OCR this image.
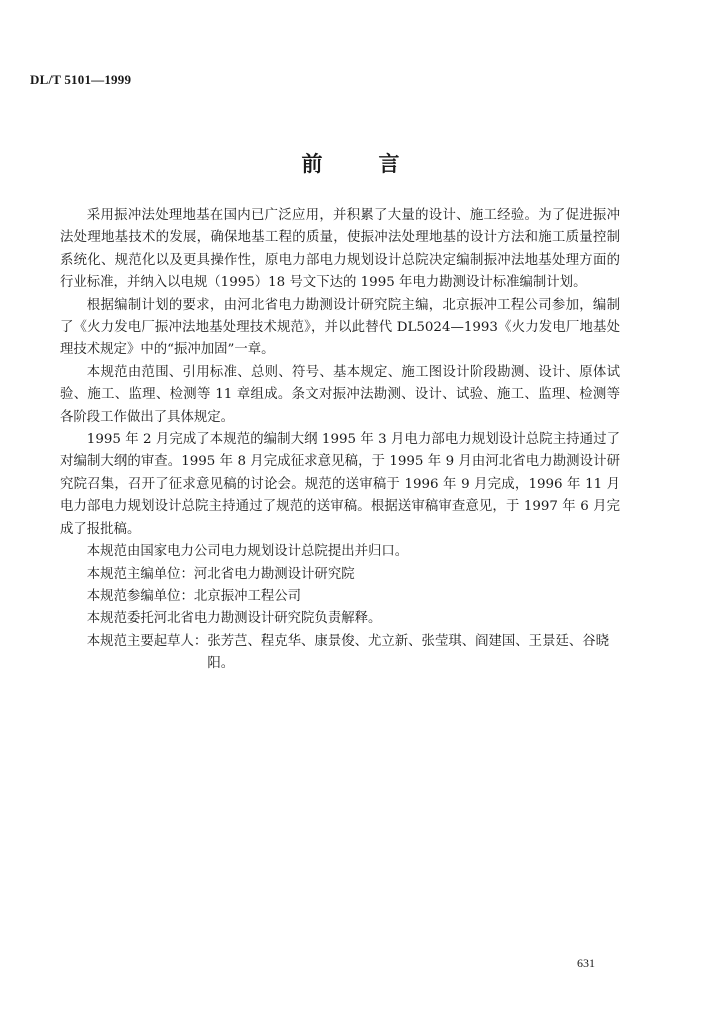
DL/T 5101—1999
前言

采用振冲法处理地基在国内已广泛应用，并积累了大量的设计、施工经验。为了促进振冲法处理地基技术的发展，确保地基工程的质量，使振冲法处理地基的设计方法和施工质量控制系统化、规范化以及更具操作性，原电力部电力规划设计总院决定编制振冲法地基处理方面的行业标准，并纳入以电规（1995）18 号文下达的 1995 年电力勘测设计标准编制计划。

根据编制计划的要求，由河北省电力勘测设计研究院主编，北京振冲工程公司参加，编制了《火力发电厂振冲法地基处理技术规范》，并以此替代 DL5024—1993《火力发电厂地基处理技术规定》中的“振冲加固”一章。

本规范由范围、引用标准、总则、符号、基本规定、施工图设计阶段勘测、设计、原体试验、施工、监理、检测等 11 章组成。条文对振冲法勘测、设计、试验、施工、监理、检测等各阶段工作做出了具体规定。

1995 年 2 月完成了本规范的编制大纲 1995 年 3 月电力部电力规划设计总院主持通过了对编制大纲的审查。1995 年 8 月完成征求意见稿，于 1995 年 9 月由河北省电力勘测设计研究院召集，召开了征求意见稿的讨论会。规范的送审稿于 1996 年 9 月完成，1996 年 11 月电力部电力规划设计总院主持通过了规范的送审稿。根据送审稿审查意见，于 1997 年 6 月完成了报批稿。

本规范由国家电力公司电力规划设计总院提出并归口。

本规范主编单位：河北省电力勘测设计研究院

本规范参编单位：北京振冲工程公司

本规范委托河北省电力勘测设计研究院负责解释。

本规范主要起草人： 张芳芑、程克华、康景俊、尤立新、张莹琪、阎建国、王景廷、谷晓阳。
631
